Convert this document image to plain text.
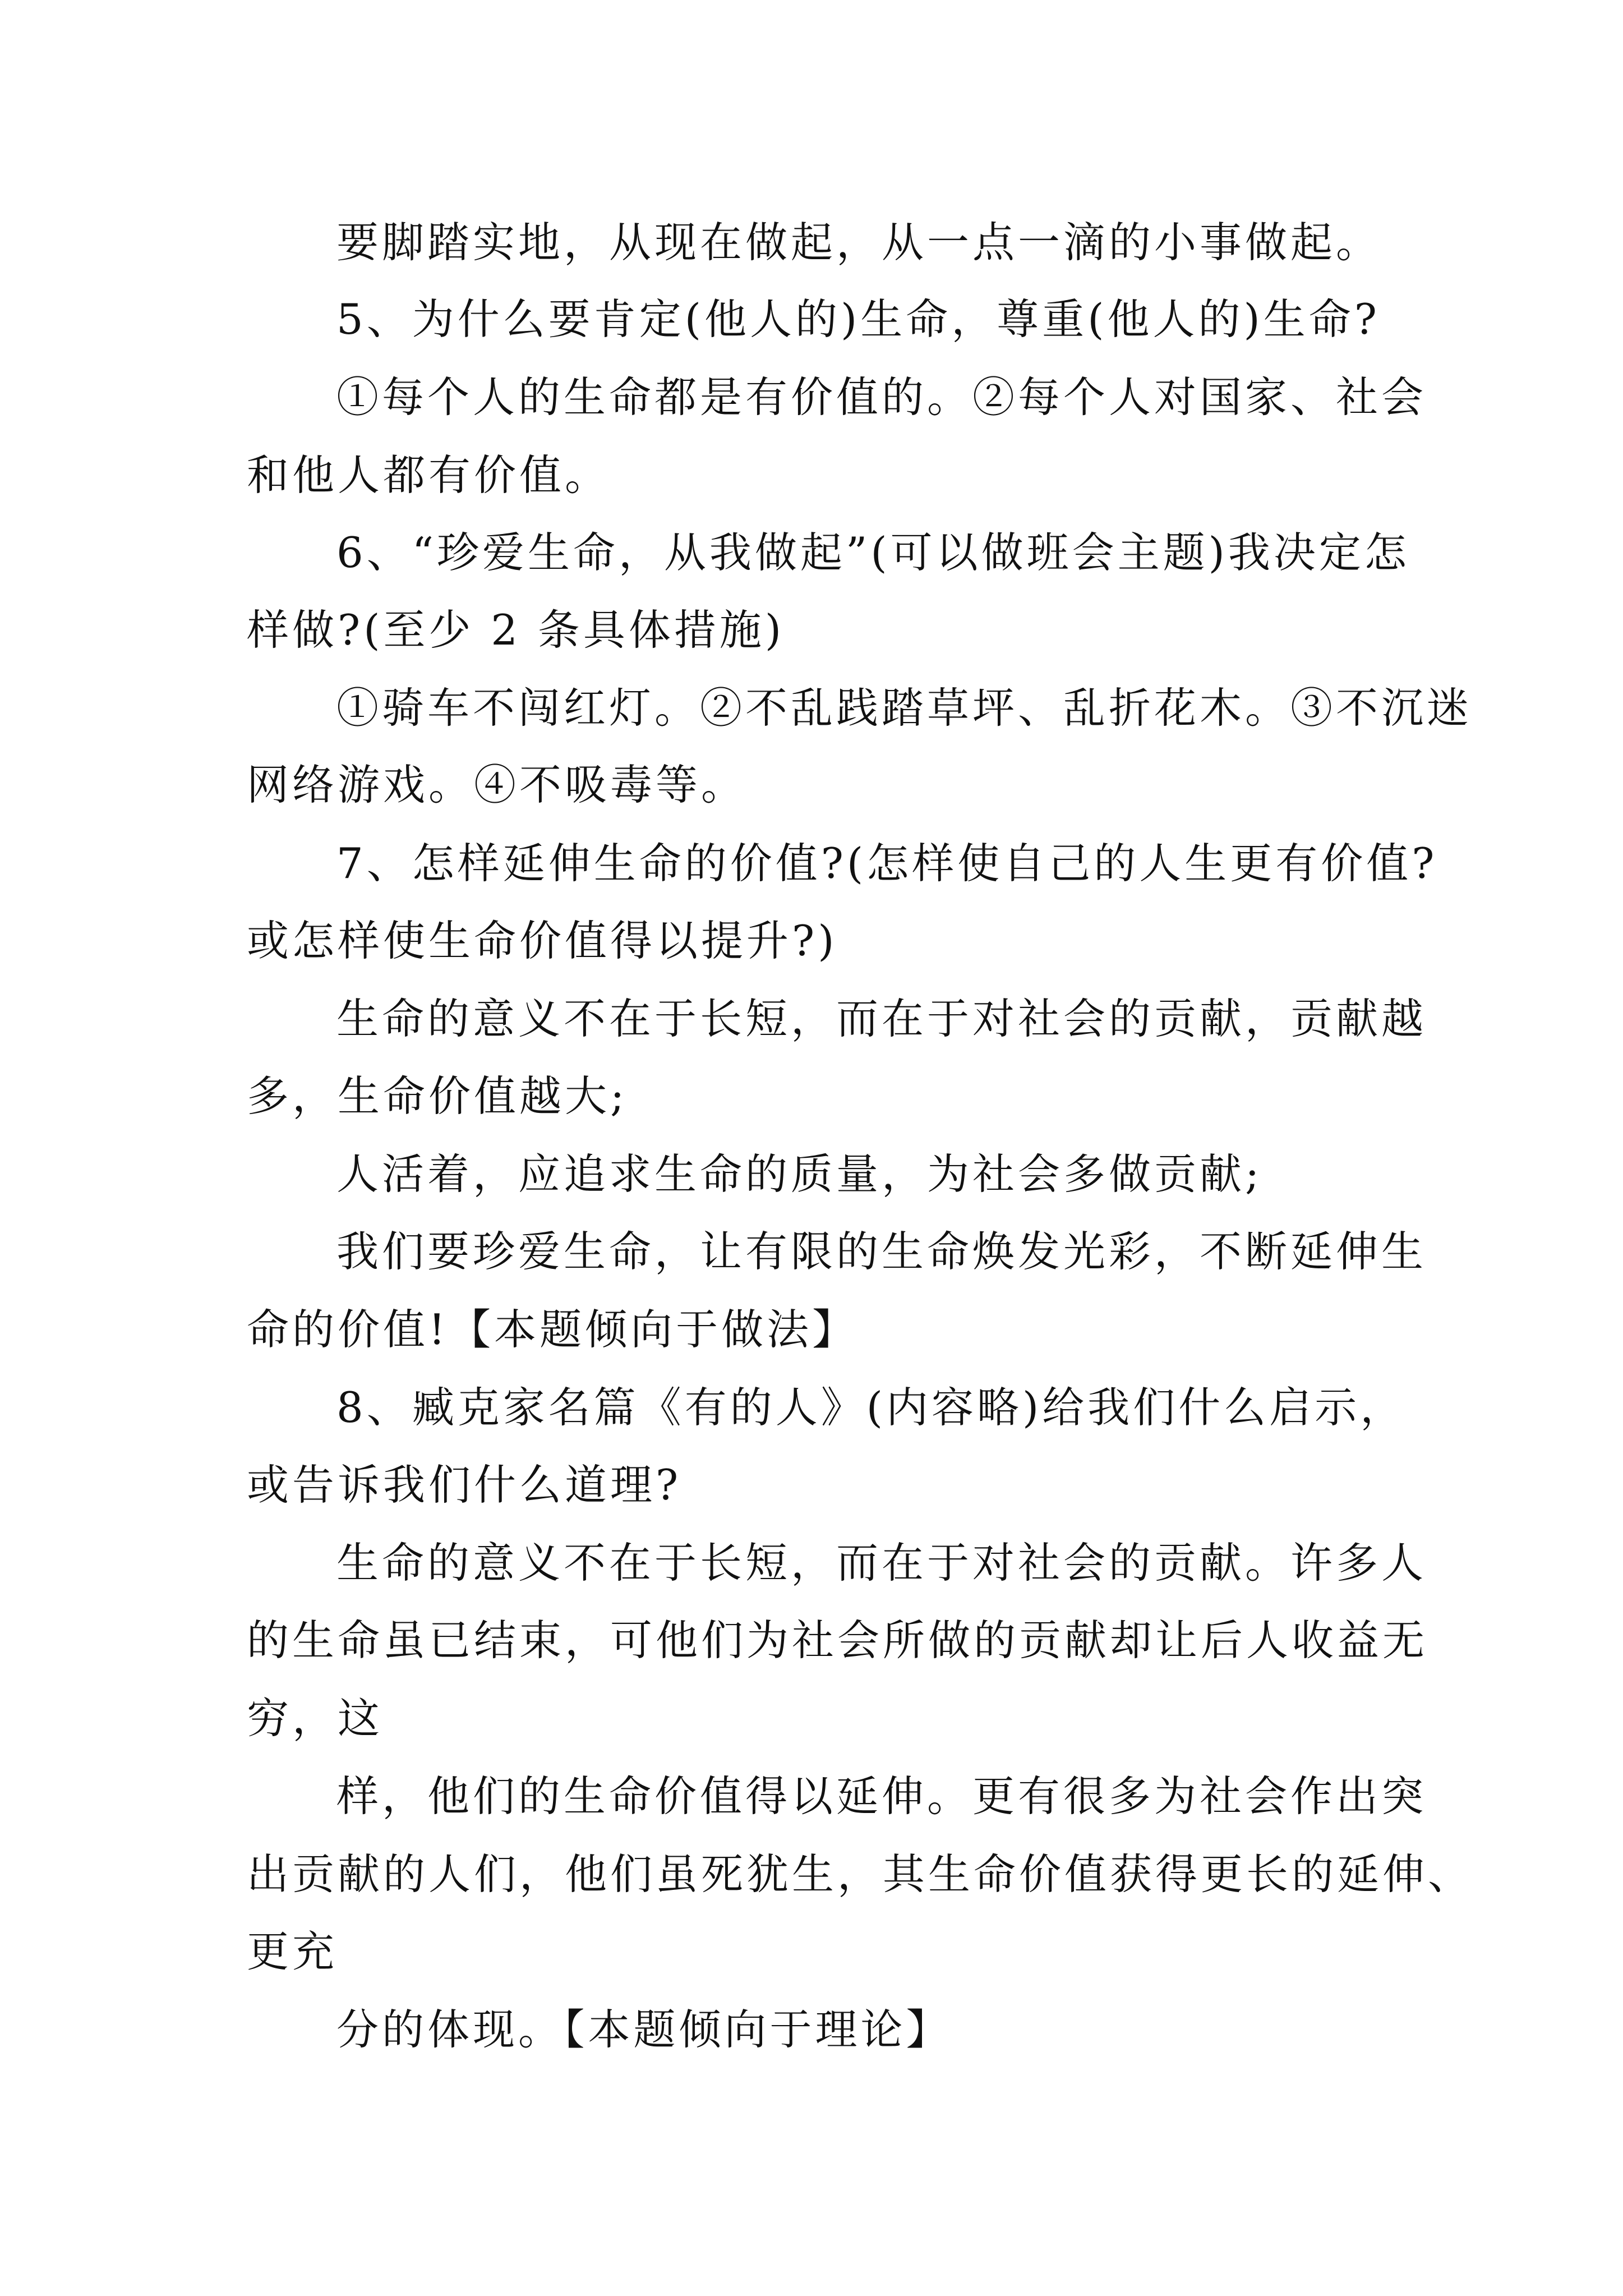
要脚踏实地，从现在做起，从一点一滴的小事做起。
5、为什么要肯定(他人的)生命，尊重(他人的)生命?
①每个人的生命都是有价值的。②每个人对国家、社会
和他人都有价值。
6、“珍爱生命，从我做起”(可以做班会主题)我决定怎
样做?(至少 2 条具体措施)
①骑车不闯红灯。②不乱践踏草坪、乱折花木。③不沉迷
网络游戏。④不吸毒等。
7、怎样延伸生命的价值?(怎样使自己的人生更有价值?
或怎样使生命价值得以提升?)
生命的意义不在于长短，而在于对社会的贡献，贡献越
多，生命价值越大;
人活着，应追求生命的质量，为社会多做贡献;
我们要珍爱生命，让有限的生命焕发光彩，不断延伸生
命的价值!【本题倾向于做法】
8、臧克家名篇《有的人》(内容略)给我们什么启示，
或告诉我们什么道理?
生命的意义不在于长短，而在于对社会的贡献。许多人
的生命虽已结束，可他们为社会所做的贡献却让后人收益无
穷，这
样，他们的生命价值得以延伸。更有很多为社会作出突
出贡献的人们，他们虽死犹生，其生命价值获得更长的延伸、
更充
分的体现。【本题倾向于理论】
